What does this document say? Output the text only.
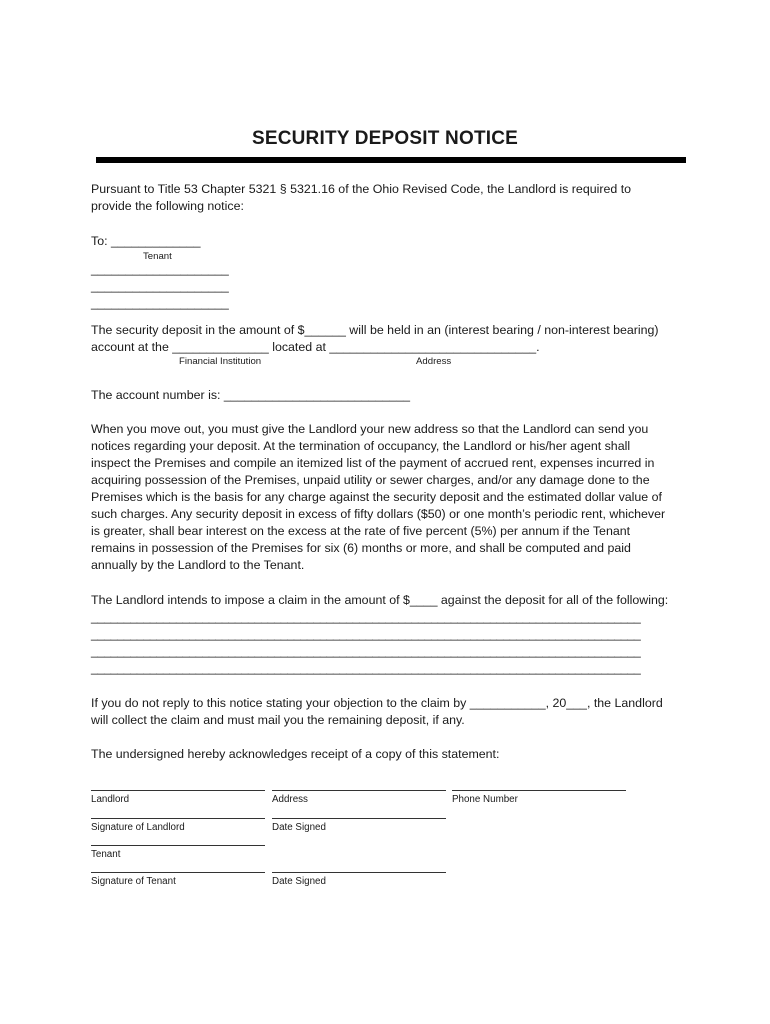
SECURITY DEPOSIT NOTICE
Pursuant to Title 53 Chapter 5321 § 5321.16 of the Ohio Revised Code, the Landlord is required to
provide the following notice:
To: _____________
Tenant
____________________
____________________
____________________
The security deposit in the amount of $______ will be held in an (interest bearing / non-interest bearing)
account at the ______________ located at ______________________________.
Financial Institution	Address
The account number is: ___________________________
When you move out, you must give the Landlord your new address so that the Landlord can send you
notices regarding your deposit. At the termination of occupancy, the Landlord or his/her agent shall
inspect the Premises and compile an itemized list of the payment of accrued rent, expenses incurred in
acquiring possession of the Premises, unpaid utility or sewer charges, and/or any damage done to the
Premises which is the basis for any charge against the security deposit and the estimated dollar value of
such charges. Any security deposit in excess of fifty dollars ($50) or one month’s periodic rent, whichever
is greater, shall bear interest on the excess at the rate of five percent (5%) per annum if the Tenant
remains in possession of the Premises for six (6) months or more, and shall be computed and paid
annually by the Landlord to the Tenant.
The Landlord intends to impose a claim in the amount of $____ against the deposit for all of the following:
____________________________________________________________________________________
____________________________________________________________________________________
____________________________________________________________________________________
____________________________________________________________________________________
If you do not reply to this notice stating your objection to the claim by ___________, 20___, the Landlord
will collect the claim and must mail you the remaining deposit, if any.
The undersigned hereby acknowledges receipt of a copy of this statement:
Landlord	Address	Phone Number
Signature of Landlord	Date Signed
Tenant
Signature of Tenant	Date Signed
